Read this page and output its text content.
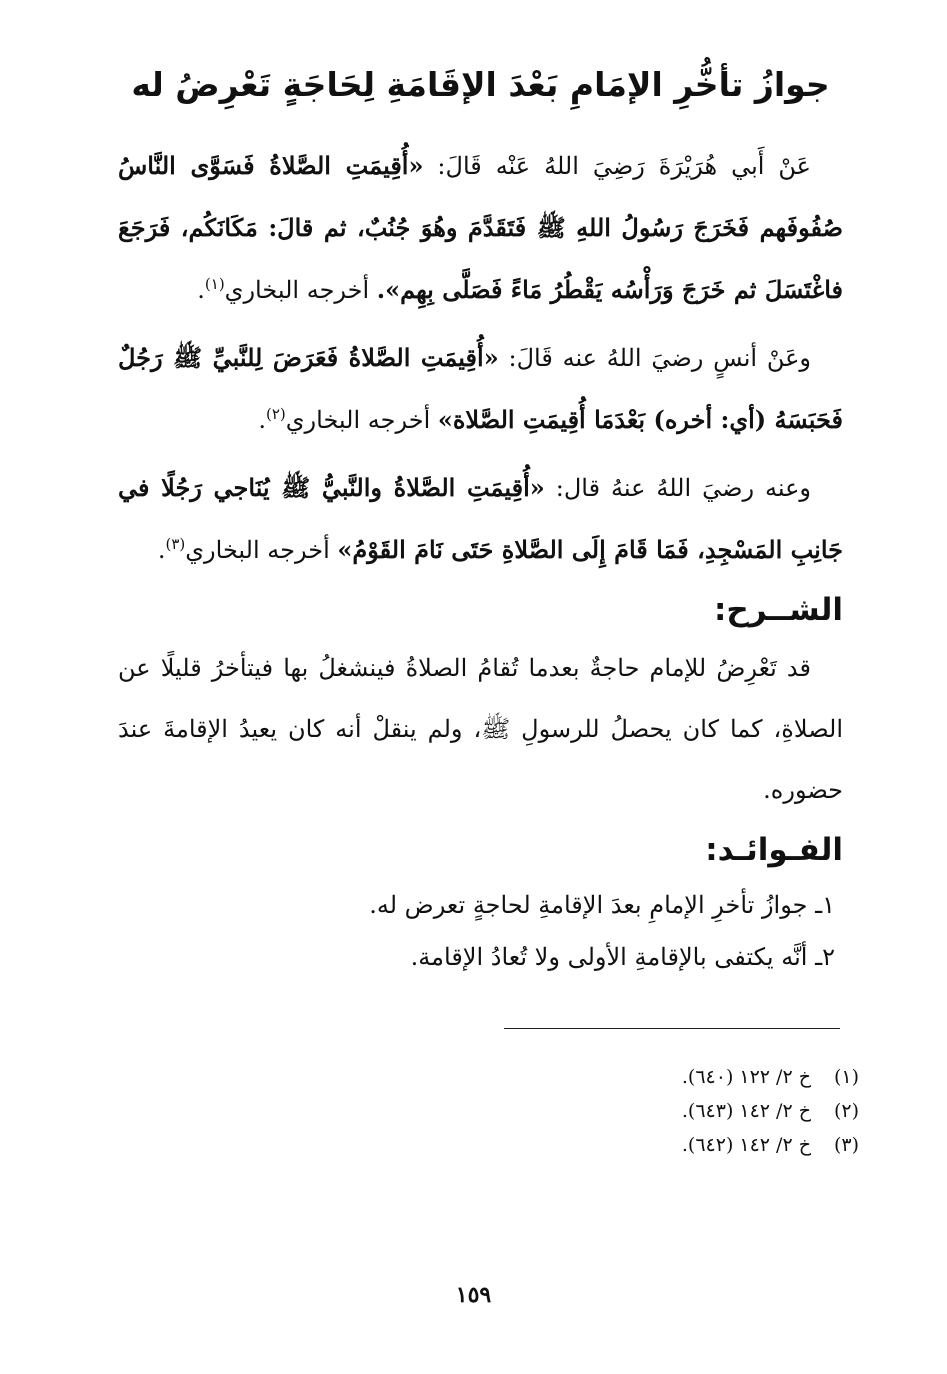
جوازُ تأخُّرِ الإمَامِ بَعْدَ الإقَامَةِ لِحَاجَةٍ تَعْرِضُ له

عَنْ أَبي هُرَيْرَةَ رَضِيَ اللهُ عَنْه قَالَ: «أُقِيمَتِ الصَّلاةُ فَسَوَّى النَّاسُ صُفُوفَهم فَخَرَجَ رَسُولُ اللهِ ﷺ فَتَقَدَّمَ وهُوَ جُنُبٌ، ثم قالَ: مَكَانَكُم، فَرَجَعَ فاغْتَسَلَ ثم خَرَجَ وَرَأْسُه يَقْطُرُ مَاءً فَصَلَّى بِهِم». أخرجه البخاري$^{(١)}$.

وعَنْ أنسٍ رضيَ اللهُ عنه قَالَ: «أُقِيمَتِ الصَّلاةُ فَعَرَضَ لِلنَّبيِّ ﷺ رَجُلٌ فَحَبَسَهُ (أي: أخره) بَعْدَمَا أُقِيمَتِ الصَّلاة» أخرجه البخاري$^{(٢)}$.

وعنه رضيَ اللهُ عنهُ قال: «أُقِيمَتِ الصَّلاةُ والنَّبيُّ ﷺ يُنَاجي رَجُلًا في جَانِبِ المَسْجِدِ، فَمَا قَامَ إِلَى الصَّلاةِ حَتَى نَامَ القَوْمُ» أخرجه البخاري$^{(٣)}$.

الشــرح:

قد تَعْرِضُ للإمام حاجةٌ بعدما تُقامُ الصلاةُ فينشغلُ بها فيتأخرُ قليلًا عن الصلاةِ، كما كان يحصلُ للرسولِ ﷺ، ولم ينقلْ أنه كان يعيدُ الإقامةَ عندَ حضوره.

الفـوائـد:

١ـ جوازُ تأخرِ الإمامِ بعدَ الإقامةِ لحاجةٍ تعرض له.

٢ـ أنَّه يكتفى بالإقامةِ الأولى ولا تُعادُ الإقامة.

(١)خ ٢/ ١٢٢ (٦٤٠).
(٢)خ ٢/ ١٤٢ (٦٤٣).
(٣)خ ٢/ ١٤٢ (٦٤٢).
١٥٩
